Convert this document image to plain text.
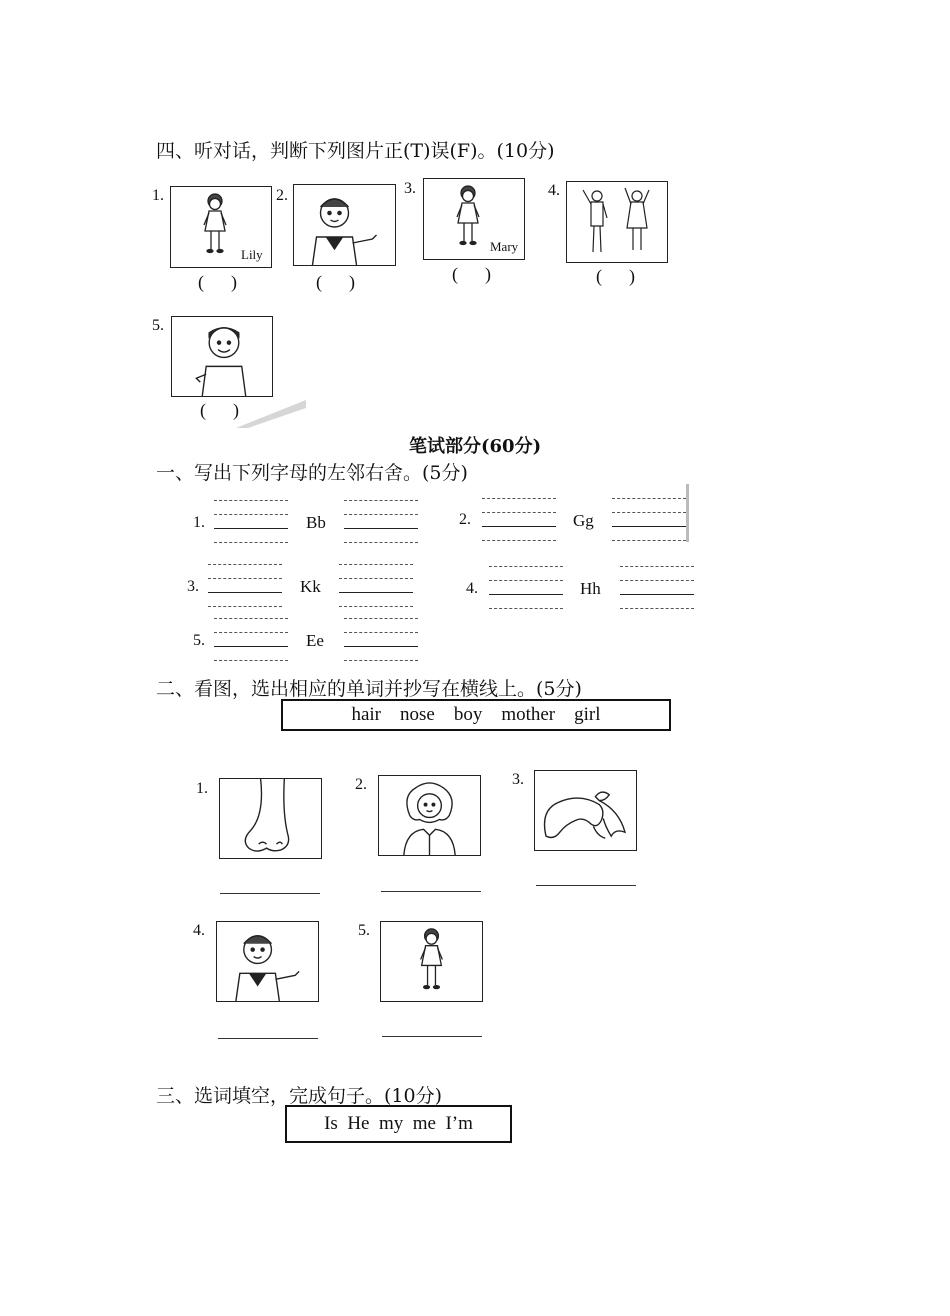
四、听对话，判断下列图片正(T)误(F)。(10分)
1.
Lily
(      )
2.
(      )
3.
Mary
(      )
4.
(      )
5.
(      )
笔试部分(60分)
一、写出下列字母的左邻右舍。(5分)
1.	Bb	2.	Gg
3.	Kk	4.	Hh
5.	Ee
二、看图，选出相应的单词并抄写在横线上。(5分)
hair    nose    boy    mother    girl
1.	2.	3.
4.	5.
三、选词填空，完成句子。(10分)
Is  He  my  me  I’m
